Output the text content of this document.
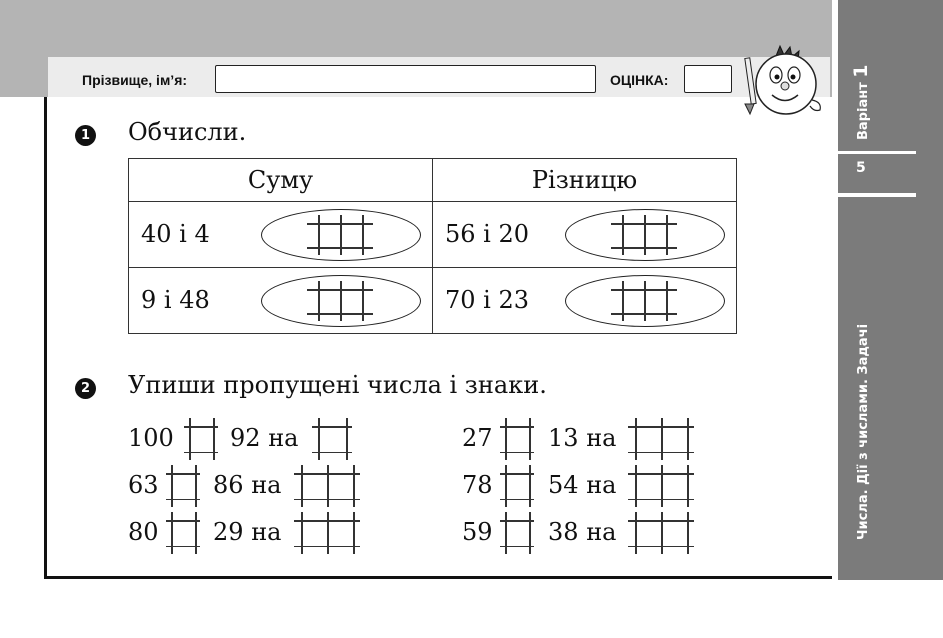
Варіант 1
5
Числа. Дії з числами. Задачі
Прізвище, ім’я:	ОЦІНКА:
1 Обчисли.
Суму	Різницю

40 і 4	56 і 20

9 і 48	70 і 23
2 Упиши пропущені числа і знаки.
100 92 на
63 86 на
80 29 на
27 13 на
78 54 на
59 38 на
